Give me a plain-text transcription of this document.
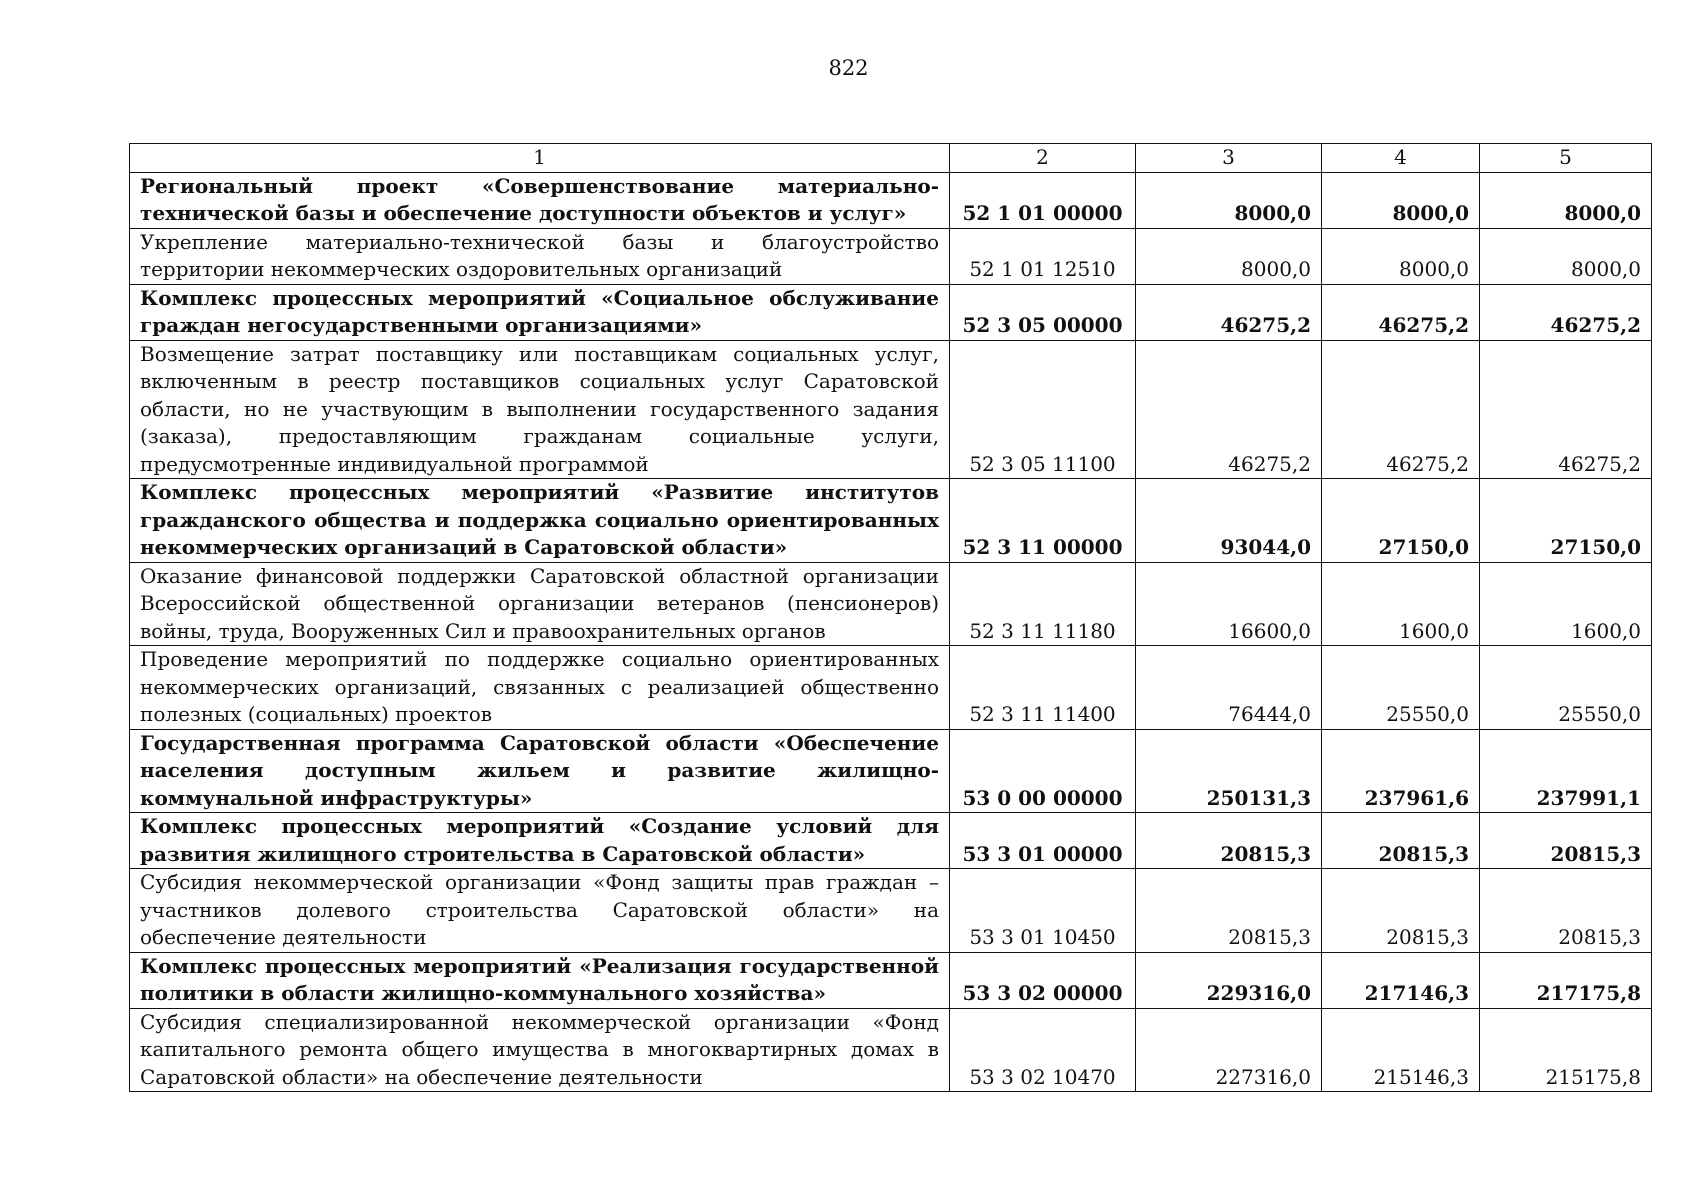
822
1	2	3	4	5
Региональный проект «Совершенствование материально-технической базы и обеспечение доступности объектов и услуг»	52 1 01 00000	8000,0	8000,0	8000,0
Укрепление материально-технической базы и благоустройство территории некоммерческих оздоровительных организаций	52 1 01 12510	8000,0	8000,0	8000,0
Комплекс процессных мероприятий «Социальное обслуживание граждан негосударственными организациями»	52 3 05 00000	46275,2	46275,2	46275,2
Возмещение затрат поставщику или поставщикам социальных услуг, включенным в реестр поставщиков социальных услуг Саратовской области, но не участвующим в выполнении государственного задания (заказа), предоставляющим гражданам социальные услуги, предусмотренные индивидуальной программой	52 3 05 11100	46275,2	46275,2	46275,2
Комплекс процессных мероприятий «Развитие институтов гражданского общества и поддержка социально ориентированных некоммерческих организаций в Саратовской области»	52 3 11 00000	93044,0	27150,0	27150,0
Оказание финансовой поддержки Саратовской областной организации Всероссийской общественной организации ветеранов (пенсионеров) войны, труда, Вооруженных Сил и правоохранительных органов	52 3 11 11180	16600,0	1600,0	1600,0
Проведение мероприятий по поддержке социально ориентированных некоммерческих организаций, связанных с реализацией общественно полезных (социальных) проектов	52 3 11 11400	76444,0	25550,0	25550,0
Государственная программа Саратовской области «Обеспечение населения доступным жильем и развитие жилищно-коммунальной инфраструктуры»	53 0 00 00000	250131,3	237961,6	237991,1
Комплекс процессных мероприятий «Создание условий для развития жилищного строительства в Саратовской области»	53 3 01 00000	20815,3	20815,3	20815,3
Субсидия некоммерческой организации «Фонд защиты прав граждан – участников долевого строительства Саратовской области» на обеспечение деятельности	53 3 01 10450	20815,3	20815,3	20815,3
Комплекс процессных мероприятий «Реализация государственной политики в области жилищно-коммунального хозяйства»	53 3 02 00000	229316,0	217146,3	217175,8
Субсидия специализированной некоммерческой организации «Фонд капитального ремонта общего имущества в многоквартирных домах в Саратовской области» на обеспечение деятельности	53 3 02 10470	227316,0	215146,3	215175,8
